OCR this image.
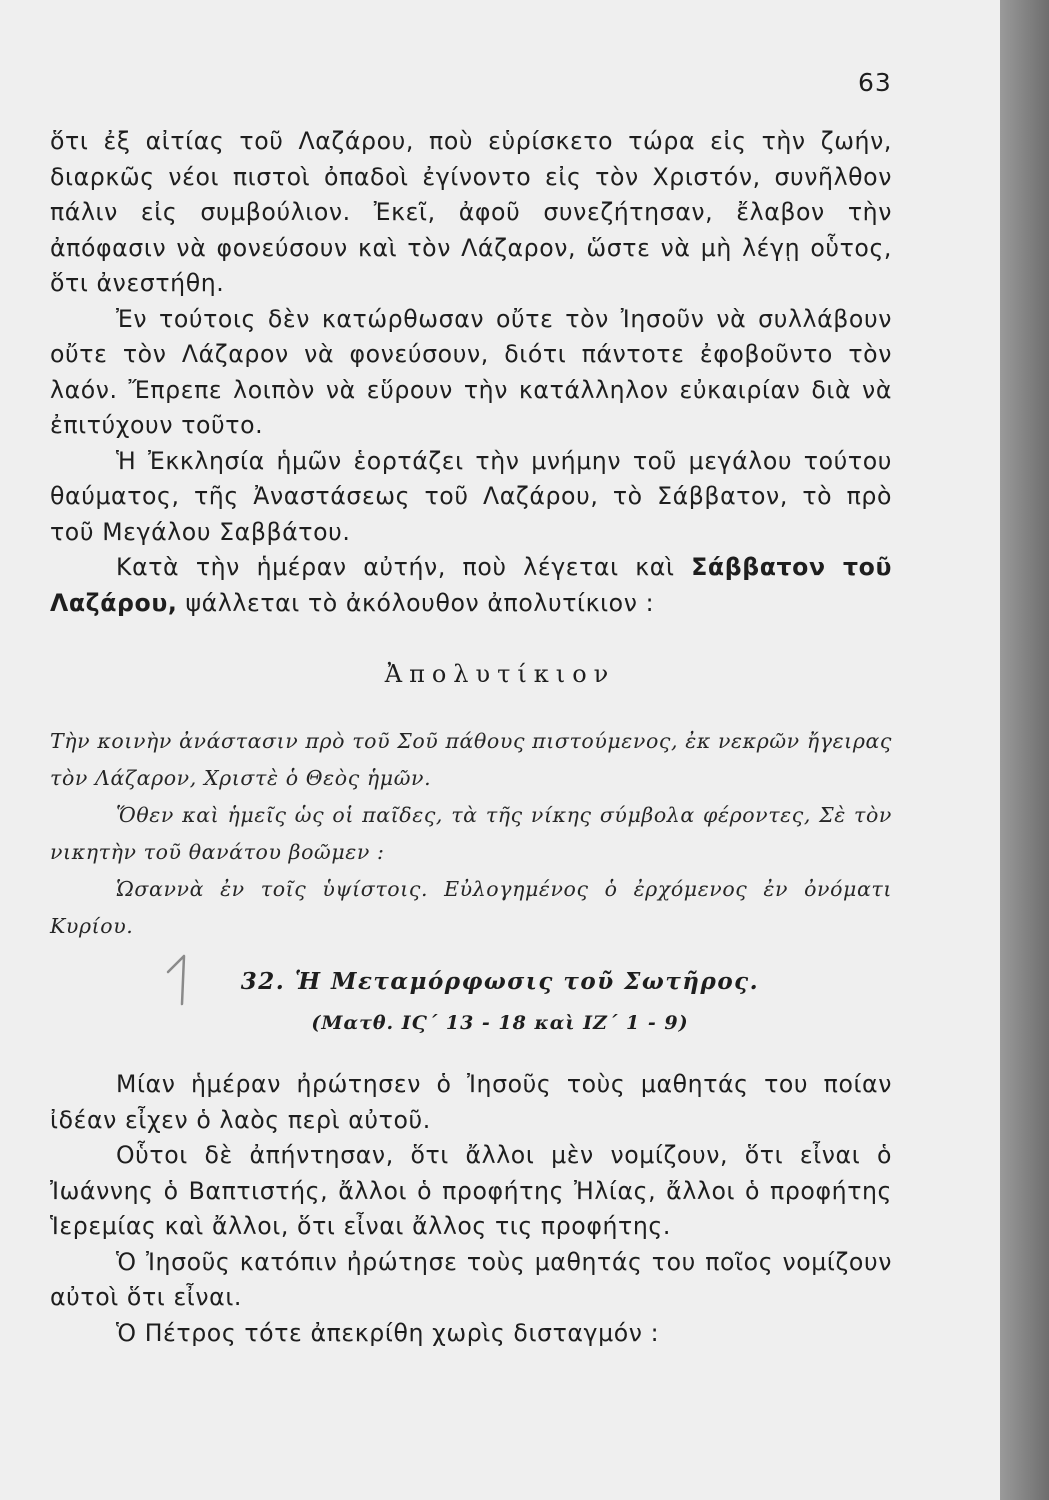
63

ὅτι ἐξ αἰτίας τοῦ Λαζάρου, ποὺ εὑρίσκετο τώρα εἰς τὴν ζωήν, διαρκῶς νέοι πιστοὶ ὀπαδοὶ ἐγίνοντο εἰς τὸν Χριστόν, συνῆλθον πάλιν εἰς συμβούλιον. Ἐκεῖ, ἀφοῦ συνεζήτησαν, ἔλαβον τὴν ἀπόφασιν νὰ φονεύσουν καὶ τὸν Λάζαρον, ὥστε νὰ μὴ λέγῃ οὗτος, ὅτι ἀνεστήθη.

Ἐν τούτοις δὲν κατώρθωσαν οὔτε τὸν Ἰησοῦν νὰ συλλάβουν οὔτε τὸν Λάζαρον νὰ φονεύσουν, διότι πάντοτε ἐφοβοῦντο τὸν λαόν. Ἔπρεπε λοιπὸν νὰ εὕρουν τὴν κατάλληλον εὐκαιρίαν διὰ νὰ ἐπιτύχουν τοῦτο.

Ἡ Ἐκκλησία ἡμῶν ἑορτάζει τὴν μνήμην τοῦ μεγάλου τούτου θαύματος, τῆς Ἀναστάσεως τοῦ Λαζάρου, τὸ Σάββατον, τὸ πρὸ τοῦ Μεγάλου Σαββάτου.

Κατὰ τὴν ἡμέραν αὐτήν, ποὺ λέγεται καὶ Σάββατον τοῦ Λαζάρου, ψάλλεται τὸ ἀκόλουθον ἀπολυτίκιον :

Ἀπολυτίκιον

Τὴν κοινὴν ἀνάστασιν πρὸ τοῦ Σοῦ πάθους πιστούμενος, ἐκ νεκρῶν ἤγειρας τὸν Λάζαρον, Χριστὲ ὁ Θεὸς ἡμῶν.

Ὅθεν καὶ ἡμεῖς ὡς οἱ παῖδες, τὰ τῆς νίκης σύμβολα φέροντες, Σὲ τὸν νικητὴν τοῦ θανάτου βοῶμεν :

Ὡσαννὰ ἐν τοῖς ὑψίστοις. Εὐλογημένος ὁ ἐρχόμενος ἐν ὀνόματι Κυρίου.

32. Ἡ Μεταμόρφωσις τοῦ Σωτῆρος.
(Ματθ. ΙϚ΄ 13 - 18 καὶ ΙΖ΄ 1 - 9)

Μίαν ἡμέραν ἠρώτησεν ὁ Ἰησοῦς τοὺς μαθητάς του ποίαν ἰδέαν εἶχεν ὁ λαὸς περὶ αὐτοῦ.

Οὗτοι δὲ ἀπήντησαν, ὅτι ἄλλοι μὲν νομίζουν, ὅτι εἶναι ὁ Ἰωάννης ὁ Βαπτιστής, ἄλλοι ὁ προφήτης Ἠλίας, ἄλλοι ὁ προφήτης Ἱερεμίας καὶ ἄλλοι, ὅτι εἶναι ἄλλος τις προφήτης.

Ὁ Ἰησοῦς κατόπιν ἠρώτησε τοὺς μαθητάς του ποῖος νομίζουν αὐτοὶ ὅτι εἶναι.

Ὁ Πέτρος τότε ἀπεκρίθη χωρὶς δισταγμόν :
